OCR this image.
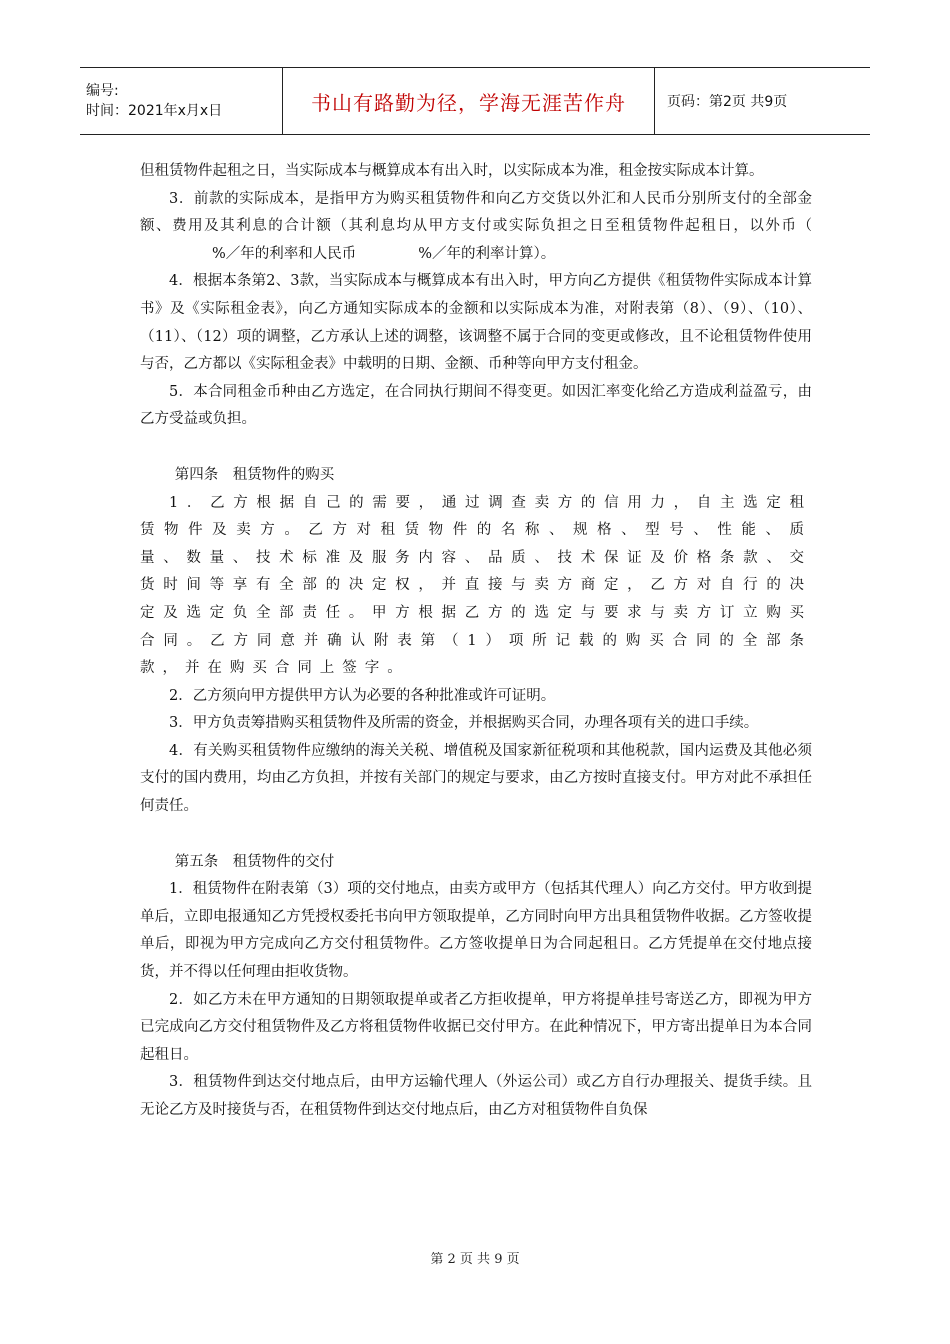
编号:
时间：2021年x月x日	书山有路勤为径，学海无涯苦作舟	页码：第2页 共9页

但租赁物件起租之日，当实际成本与概算成本有出入时，以实际成本为准，租金按实际成本计算。

3．前款的实际成本，是指甲方为购买租赁物件和向乙方交货以外汇和人民币分别所支付的全部金额、费用及其利息的合计额（其利息均从甲方支付或实际负担之日至租赁物件起租日，以外币（%／年的利率和人民币	%／年的利率计算）。

4．根据本条第2、3款，当实际成本与概算成本有出入时，甲方向乙方提供《租赁物件实际成本计算书》及《实际租金表》，向乙方通知实际成本的金额和以实际成本为准，对附表第（8）、（9）、（10）、（11）、（12）项的调整，乙方承认上述的调整，该调整不属于合同的变更或修改，且不论租赁物件使用与否，乙方都以《实际租金表》中载明的日期、金额、币种等向甲方支付租金。

5．本合同租金币种由乙方选定，在合同执行期间不得变更。如因汇率变化给乙方造成利益盈亏，由乙方受益或负担。

第四条　租赁物件的购买

1．乙方根据自己的需要，通过调查卖方的信用力，自主选定租赁物件及卖方。乙方对租赁物件的名称、规格、型号、性能、质量、数量、技术标准及服务内容、品质、技术保证及价格条款、交货时间等享有全部的决定权，并直接与卖方商定，乙方对自行的决定及选定负全部责任。甲方根据乙方的选定与要求与卖方订立购买合同。乙方同意并确认附表第（1）项所记载的购买合同的全部条款，并在购买合同上签字。

2．乙方须向甲方提供甲方认为必要的各种批准或许可证明。

3．甲方负责筹措购买租赁物件及所需的资金，并根据购买合同，办理各项有关的进口手续。

4．有关购买租赁物件应缴纳的海关关税、增值税及国家新征税项和其他税款，国内运费及其他必须支付的国内费用，均由乙方负担，并按有关部门的规定与要求，由乙方按时直接支付。甲方对此不承担任何责任。

第五条　租赁物件的交付

1．租赁物件在附表第（3）项的交付地点，由卖方或甲方（包括其代理人）向乙方交付。甲方收到提单后，立即电报通知乙方凭授权委托书向甲方领取提单，乙方同时向甲方出具租赁物件收据。乙方签收提单后，即视为甲方完成向乙方交付租赁物件。乙方签收提单日为合同起租日。乙方凭提单在交付地点接货，并不得以任何理由拒收货物。

2．如乙方未在甲方通知的日期领取提单或者乙方拒收提单，甲方将提单挂号寄送乙方，即视为甲方已完成向乙方交付租赁物件及乙方将租赁物件收据已交付甲方。在此种情况下，甲方寄出提单日为本合同起租日。

3．租赁物件到达交付地点后，由甲方运输代理人（外运公司）或乙方自行办理报关、提货手续。且无论乙方及时接货与否，在租赁物件到达交付地点后，由乙方对租赁物件自负保

第 2 页 共 9 页
